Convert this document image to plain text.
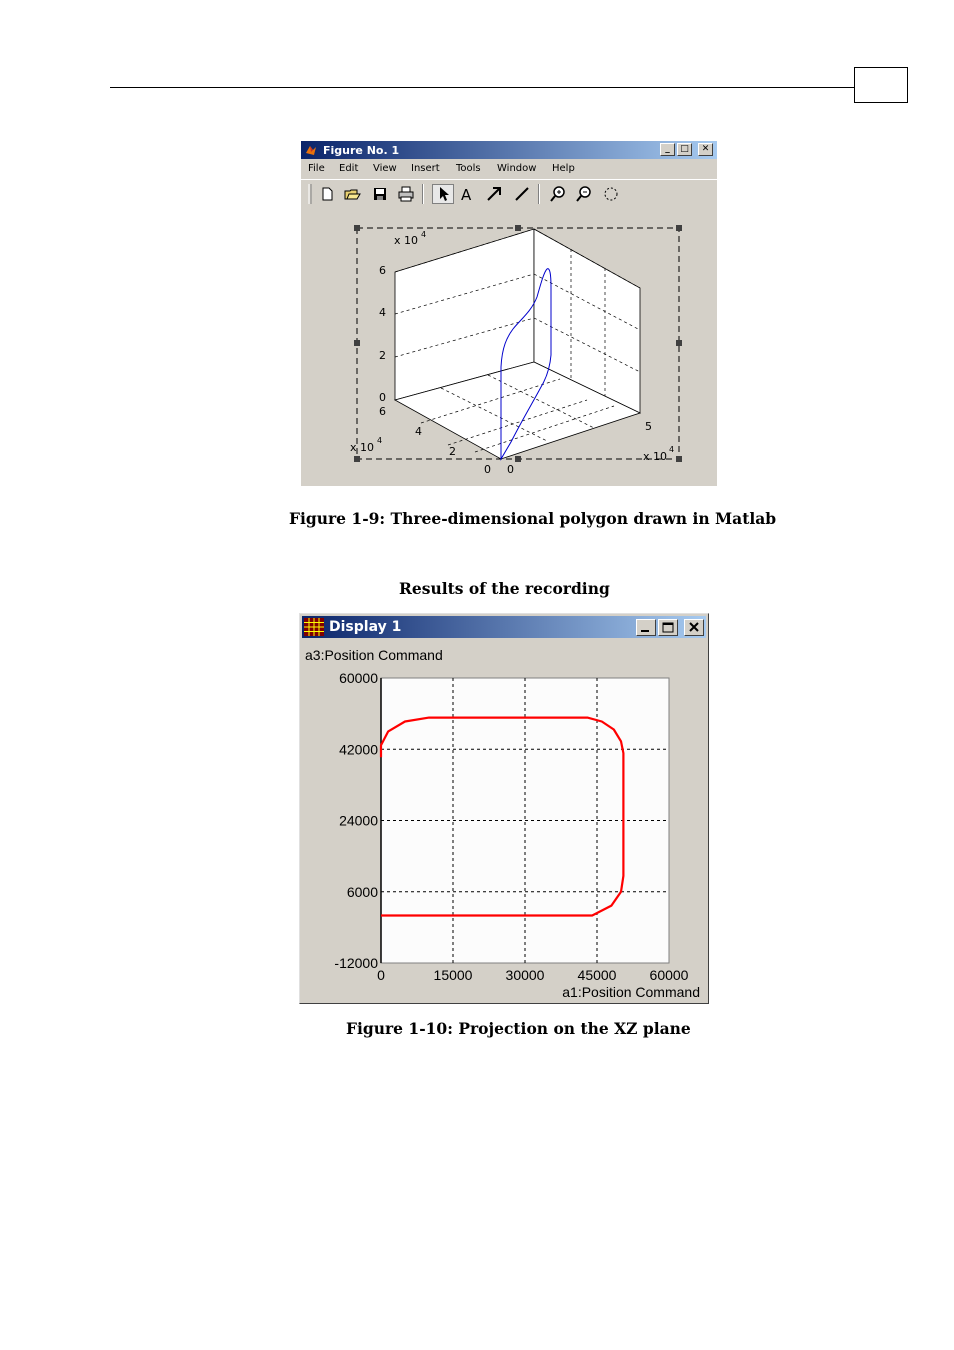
Figure No. 1	_	□	✕
File Edit View Insert Tools Window Help
A
x 10 4
6
4
2
0
6
4
2
0
x 10
4
0
5
x 10
4
Figure 1-9: Three-dimensional polygon drawn in Matlab
Results of the recording
Display 1
a3:Position Command
a1:Position Command
60000
42000
24000
6000
-12000
0	15000 30000 45000 60000
Figure 1-10: Projection on the XZ plane
